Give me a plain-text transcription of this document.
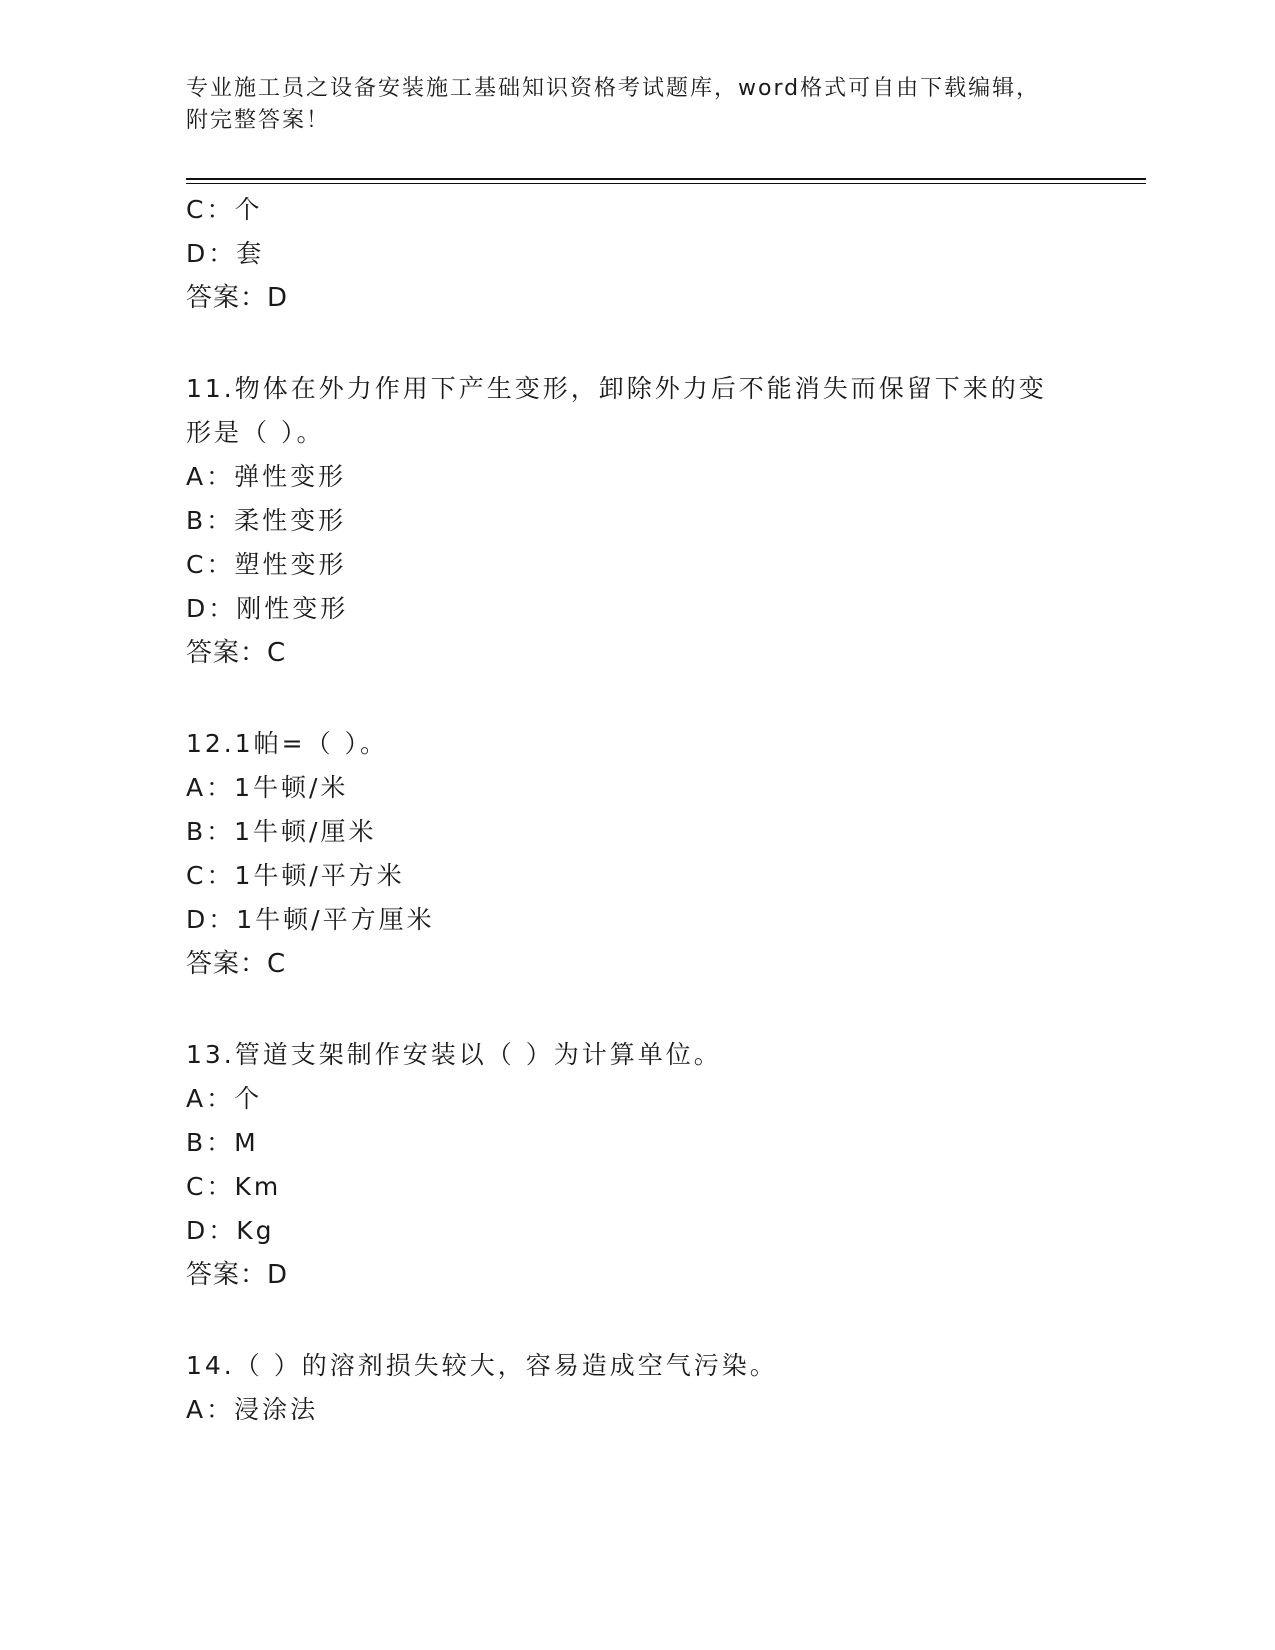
专业施工员之设备安装施工基础知识资格考试题库，word格式可自由下载编辑，
附完整答案！
C：个
D：套
答案：D
11.物体在外力作用下产生变形，卸除外力后不能消失而保留下来的变
形是（ ）。
A：弹性变形
B：柔性变形
C：塑性变形
D：刚性变形
答案：C
12.1帕=（ ）。
A：1牛顿/米
B：1牛顿/厘米
C：1牛顿/平方米
D：1牛顿/平方厘米
答案：C
13.管道支架制作安装以（ ）为计算单位。
A：个
B：M
C：Km
D：Kg
答案：D
14.（ ）的溶剂损失较大，容易造成空气污染。
A：浸涂法
